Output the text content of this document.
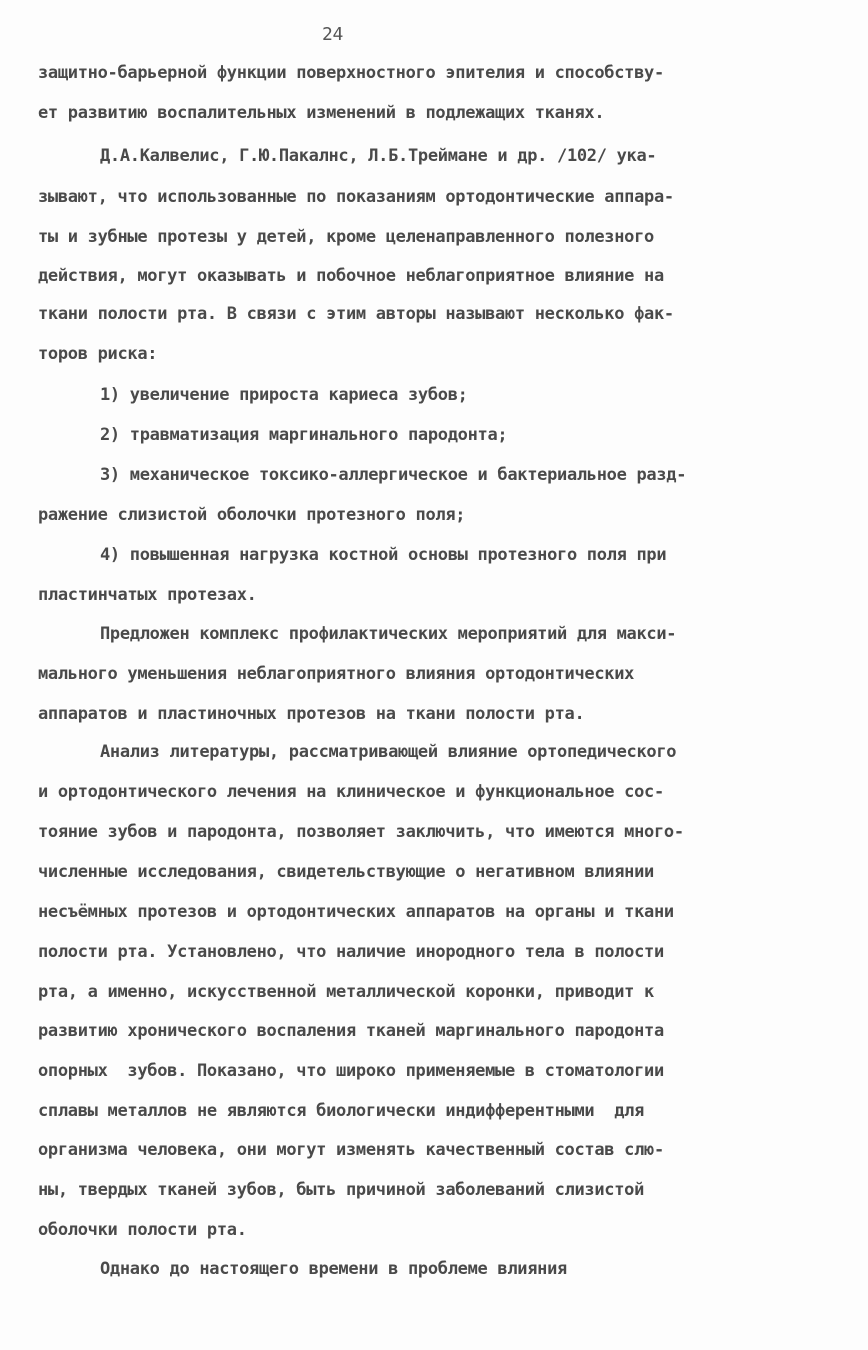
24
защитно-барьерной функции поверхностного эпителия и способству-
ет развитию воспалительных изменений в подлежащих тканях.
Д.А.Калвелис, Г.Ю.Пакалнс, Л.Б.Треймане и др. /102/ ука-
зывают, что использованные по показаниям ортодонтические аппара-
ты и зубные протезы у детей, кроме целенаправленного полезного
действия, могут оказывать и побочное неблагоприятное влияние на
ткани полости рта. В связи с этим авторы называют несколько фак-
торов риска:
1) увеличение прироста кариеса зубов;
2) травматизация маргинального пародонта;
3) механическое токсико-аллергическое и бактериальное разд-
ражение слизистой оболочки протезного поля;
4) повышенная нагрузка костной основы протезного поля при
пластинчатых протезах.
Предложен комплекс профилактических мероприятий для макси-
мального уменьшения неблагоприятного влияния ортодонтических
аппаратов и пластиночных протезов на ткани полости рта.
Анализ литературы, рассматривающей влияние ортопедического
и ортодонтического лечения на клиническое и функциональное сос-
тояние зубов и пародонта, позволяет заключить, что имеются много-
численные исследования, свидетельствующие о негативном влиянии
несъёмных протезов и ортодонтических аппаратов на органы и ткани
полости рта. Установлено, что наличие инородного тела в полости
рта, а именно, искусственной металлической коронки, приводит к
развитию хронического воспаления тканей маргинального пародонта
опорных  зубов. Показано, что широко применяемые в стоматологии
сплавы металлов не являются биологически индифферентными  для
организма человека, они могут изменять качественный состав слю-
ны, твердых тканей зубов, быть причиной заболеваний слизистой
оболочки полости рта.
Однако до настоящего времени в проблеме влияния
